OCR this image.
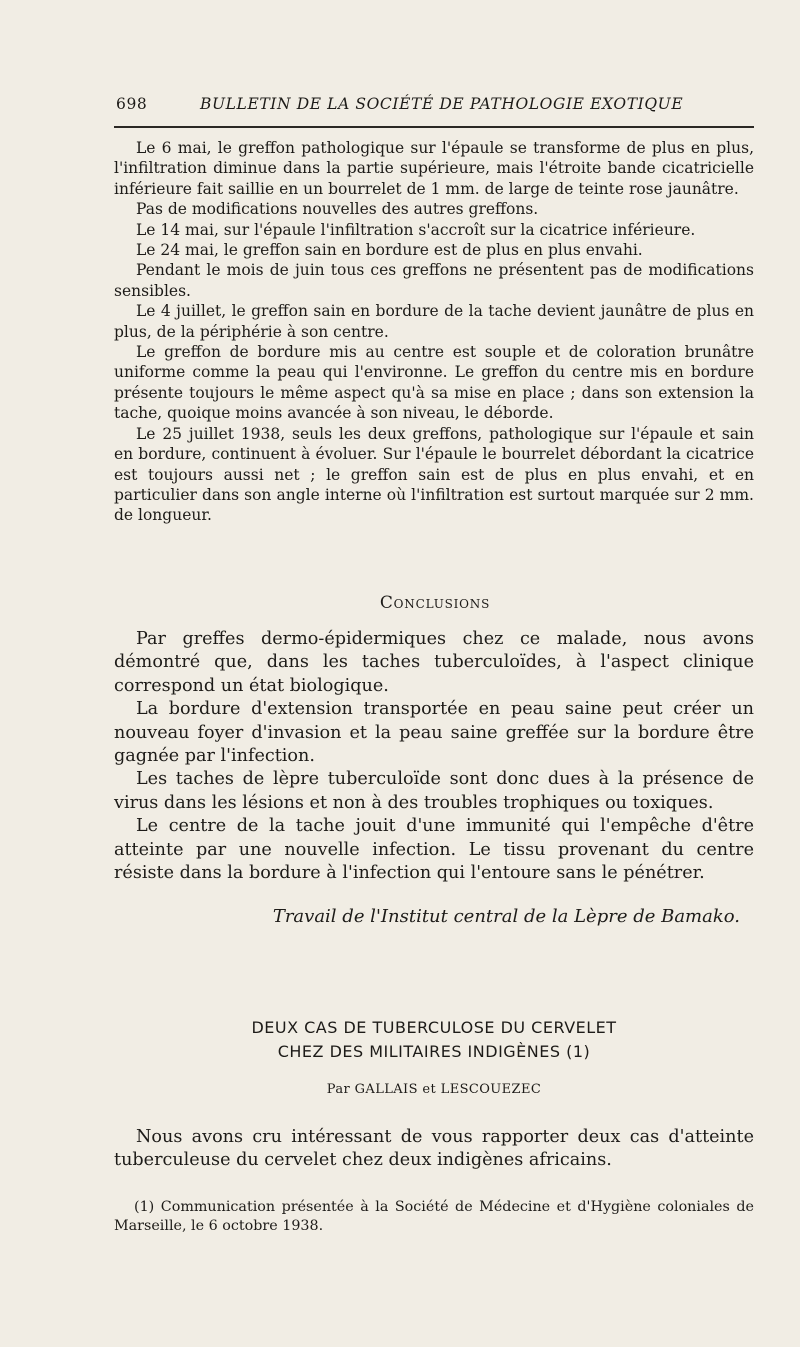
698	BULLETIN DE LA SOCIÉTÉ DE PATHOLOGIE EXOTIQUE

Le 6 mai, le greffon pathologique sur l'épaule se transforme de plus en plus, l'infiltration diminue dans la partie supérieure, mais l'étroite bande cicatricielle inférieure fait saillie en un bourrelet de 1 mm. de large de teinte rose jaunâtre.

Pas de modifications nouvelles des autres greffons.

Le 14 mai, sur l'épaule l'infiltration s'accroît sur la cicatrice inférieure.

Le 24 mai, le greffon sain en bordure est de plus en plus envahi.

Pendant le mois de juin tous ces greffons ne présentent pas de modifications sensibles.

Le 4 juillet, le greffon sain en bordure de la tache devient jaunâtre de plus en plus, de la périphérie à son centre.

Le greffon de bordure mis au centre est souple et de coloration brunâtre uniforme comme la peau qui l'environne. Le greffon du centre mis en bordure présente toujours le même aspect qu'à sa mise en place ; dans son extension la tache, quoique moins avancée à son niveau, le déborde.

Le 25 juillet 1938, seuls les deux greffons, pathologique sur l'épaule et sain en bordure, continuent à évoluer. Sur l'épaule le bourrelet débordant la cicatrice est toujours aussi net ; le greffon sain est de plus en plus envahi, et en particulier dans son angle interne où l'infiltration est surtout marquée sur 2 mm. de longueur.

Conclusions

Par greffes dermo-épidermiques chez ce malade, nous avons démontré que, dans les taches tuberculoïdes, à l'aspect clinique correspond un état biologique.

La bordure d'extension transportée en peau saine peut créer un nouveau foyer d'invasion et la peau saine greffée sur la bordure être gagnée par l'infection.

Les taches de lèpre tuberculoïde sont donc dues à la présence de virus dans les lésions et non à des troubles trophiques ou toxiques.

Le centre de la tache jouit d'une immunité qui l'empêche d'être atteinte par une nouvelle infection. Le tissu provenant du centre résiste dans la bordure à l'infection qui l'entoure sans le pénétrer.

Travail de l'Institut central de la Lèpre de Bamako.
DEUX CAS DE TUBERCULOSE DU CERVELET
CHEZ DES MILITAIRES INDIGÈNES (1)
Par GALLAIS et LESCOUEZEC

Nous avons cru intéressant de vous rapporter deux cas d'atteinte tuberculeuse du cervelet chez deux indigènes africains.

(1) Communication présentée à la Société de Médecine et d'Hygiène coloniales de Marseille, le 6 octobre 1938.
